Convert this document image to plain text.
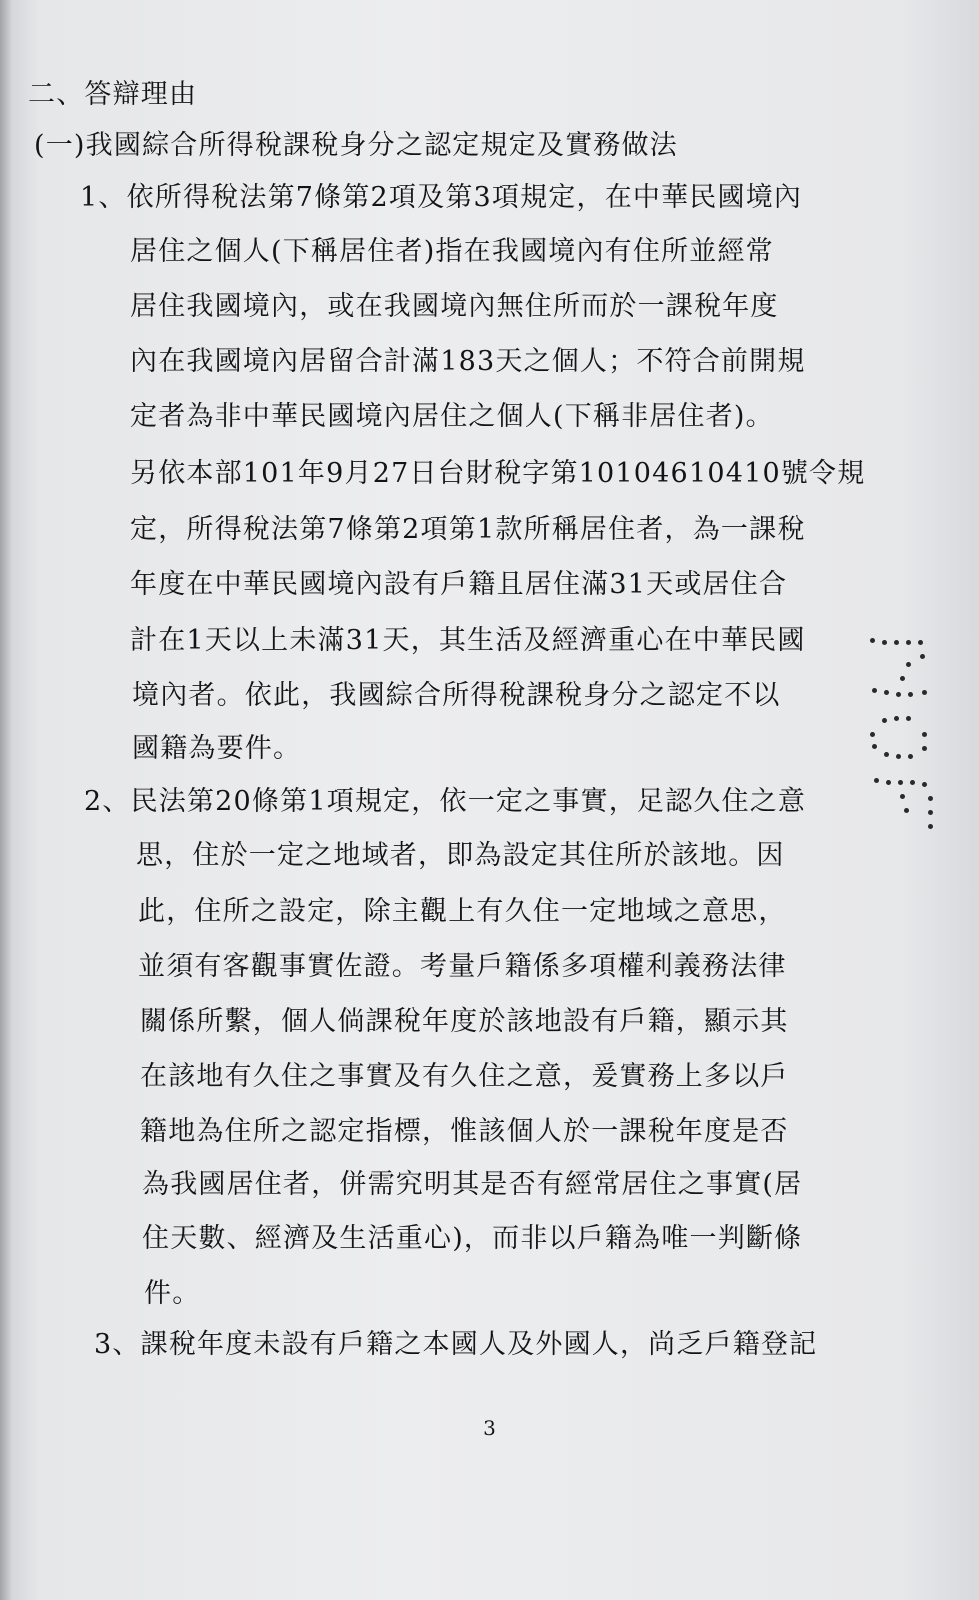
二、答辯理由
(一)我國綜合所得稅課稅身分之認定規定及實務做法
1、依所得稅法第7條第2項及第3項規定，在中華民國境內
居住之個人(下稱居住者)指在我國境內有住所並經常
居住我國境內，或在我國境內無住所而於一課稅年度
內在我國境內居留合計滿183天之個人；不符合前開規
定者為非中華民國境內居住之個人(下稱非居住者)。
另依本部101年9月27日台財稅字第10104610410號令規
定，所得稅法第7條第2項第1款所稱居住者，為一課稅
年度在中華民國境內設有戶籍且居住滿31天或居住合
計在1天以上未滿31天，其生活及經濟重心在中華民國
境內者。依此，我國綜合所得稅課稅身分之認定不以
國籍為要件。
2、民法第20條第1項規定，依一定之事實，足認久住之意
思，住於一定之地域者，即為設定其住所於該地。因
此，住所之設定，除主觀上有久住一定地域之意思，
並須有客觀事實佐證。考量戶籍係多項權利義務法律
關係所繫，個人倘課稅年度於該地設有戶籍，顯示其
在該地有久住之事實及有久住之意，爰實務上多以戶
籍地為住所之認定指標，惟該個人於一課稅年度是否
為我國居住者，併需究明其是否有經常居住之事實(居
住天數、經濟及生活重心)，而非以戶籍為唯一判斷條
件。
3、課稅年度未設有戶籍之本國人及外國人，尚乏戶籍登記
3
